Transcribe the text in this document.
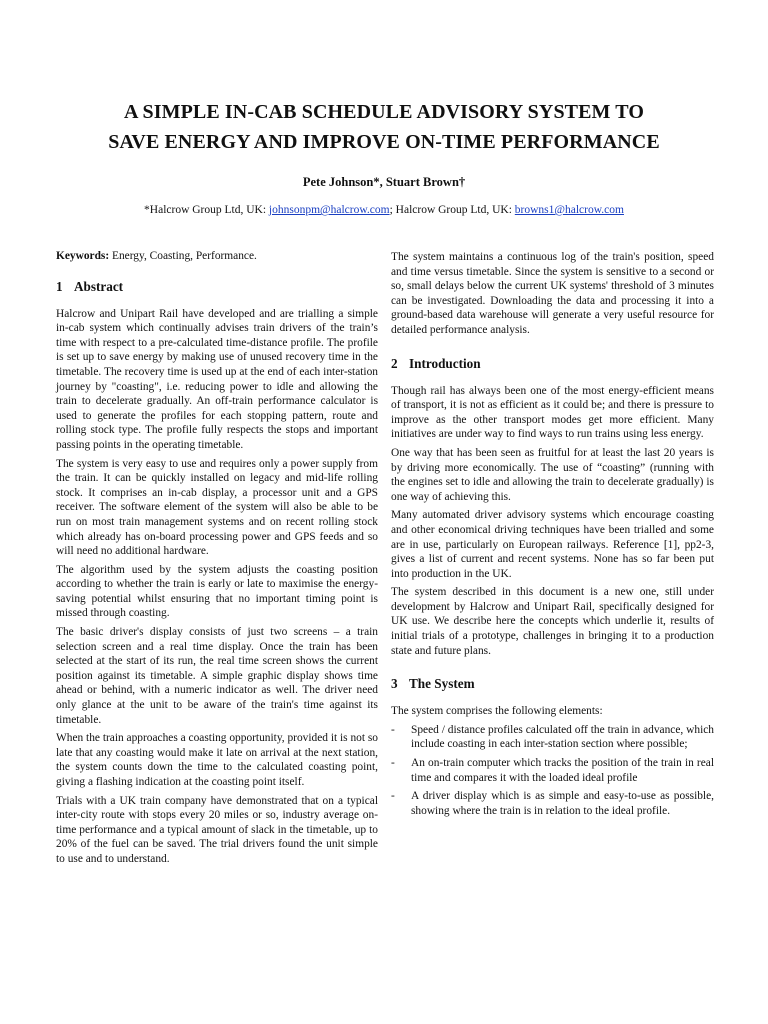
A SIMPLE IN-CAB SCHEDULE ADVISORY SYSTEM TO
SAVE ENERGY AND IMPROVE ON-TIME PERFORMANCE
Pete Johnson*, Stuart Brown†
*Halcrow Group Ltd, UK: johnsonpm@halcrow.com; Halcrow Group Ltd, UK: browns1@halcrow.com

Keywords: Energy, Coasting, Performance.

1 Abstract

Halcrow and Unipart Rail have developed and are trialling a simple in-cab system which continually advises train drivers of the train’s time with respect to a pre-calculated time-distance profile. The profile is set up to save energy by making use of unused recovery time in the timetable. The recovery time is used up at the end of each inter-station journey by "coasting", i.e. reducing power to idle and allowing the train to decelerate gradually. An off-train performance calculator is used to generate the profiles for each stopping pattern, route and rolling stock type. The profile fully respects the stops and important passing points in the operating timetable.

The system is very easy to use and requires only a power supply from the train. It can be quickly installed on legacy and mid-life rolling stock. It comprises an in-cab display, a processor unit and a GPS receiver. The software element of the system will also be able to be run on most train management systems and on recent rolling stock which already has on-board processing power and GPS feeds and so will need no additional hardware.

The algorithm used by the system adjusts the coasting position according to whether the train is early or late to maximise the energy-saving potential whilst ensuring that no important timing point is missed through coasting.

The basic driver's display consists of just two screens – a train selection screen and a real time display. Once the train has been selected at the start of its run, the real time screen shows the current position against its timetable. A simple graphic display shows time ahead or behind, with a numeric indicator as well. The driver need only glance at the unit to be aware of the train's time against its timetable.

When the train approaches a coasting opportunity, provided it is not so late that any coasting would make it late on arrival at the next station, the system counts down the time to the calculated coasting point, giving a flashing indication at the coasting point itself.

Trials with a UK train company have demonstrated that on a typical inter-city route with stops every 20 miles or so, industry average on-time performance and a typical amount of slack in the timetable, up to 20% of the fuel can be saved. The trial drivers found the unit simple to use and to understand.

The system maintains a continuous log of the train's position, speed and time versus timetable. Since the system is sensitive to a second or so, small delays below the current UK systems' threshold of 3 minutes can be investigated. Downloading the data and processing it into a ground-based data warehouse will generate a very useful resource for detailed performance analysis.

2 Introduction

Though rail has always been one of the most energy-efficient means of transport, it is not as efficient as it could be; and there is pressure to improve as the other transport modes get more efficient. Many initiatives are under way to find ways to run trains using less energy.

One way that has been seen as fruitful for at least the last 20 years is by driving more economically. The use of “coasting” (running with the engines set to idle and allowing the train to decelerate gradually) is one way of achieving this.

Many automated driver advisory systems which encourage coasting and other economical driving techniques have been trialled and some are in use, particularly on European railways. Reference [1], pp2-3, gives a list of current and recent systems. None has so far been put into production in the UK.

The system described in this document is a new one, still under development by Halcrow and Unipart Rail, specifically designed for UK use. We describe here the concepts which underlie it, results of initial trials of a prototype, challenges in bringing it to a production state and future plans.

3 The System

The system comprises the following elements:

- Speed / distance profiles calculated off the train in advance, which include coasting in each inter-station section where possible;
- An on-train computer which tracks the position of the train in real time and compares it with the loaded ideal profile
- A driver display which is as simple and easy-to-use as possible, showing where the train is in relation to the ideal profile.
